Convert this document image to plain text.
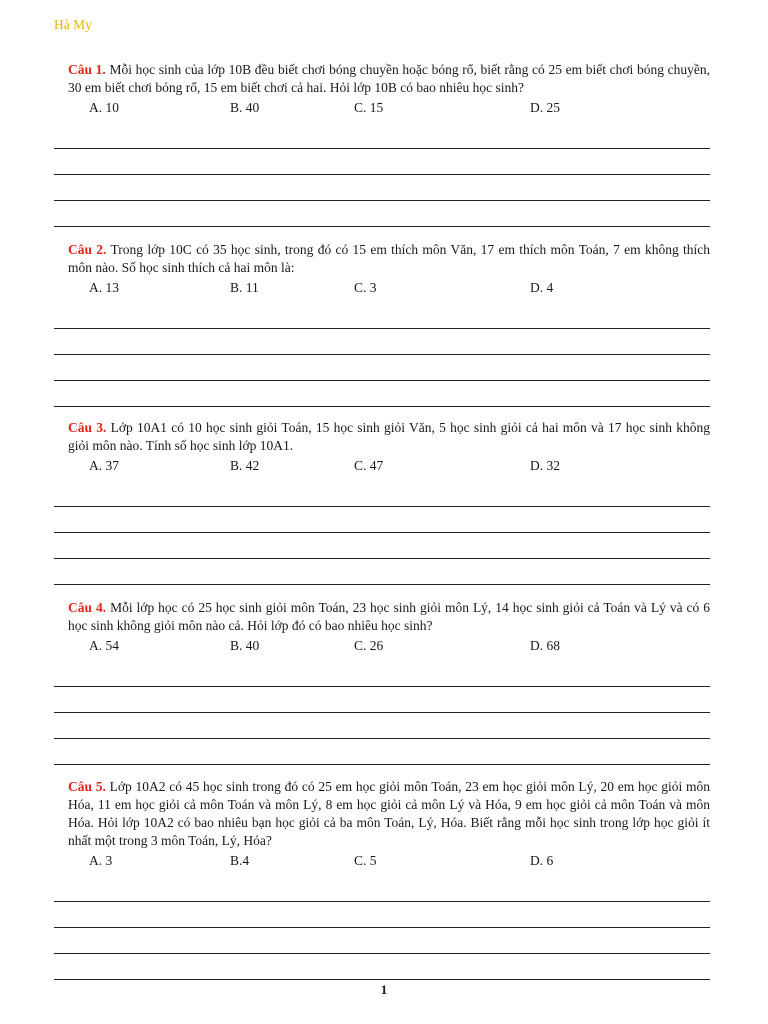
Hà My

Câu 1. Mỗi học sinh của lớp 10B đều biết chơi bóng chuyền hoặc bóng rổ, biết rằng có 25 em biết chơi bóng chuyền, 30 em biết chơi bóng rổ, 15 em biết chơi cả hai. Hỏi lớp 10B có bao nhiêu học sinh?

A. 10	B. 40	C. 15	D. 25

Câu 2. Trong lớp 10C có 35 học sinh, trong đó có 15 em thích môn Văn, 17 em thích môn Toán, 7 em không thích môn nào. Số học sinh thích cả hai môn là:

A. 13	B. 11	C. 3	D. 4

Câu 3. Lớp 10A1 có 10 học sinh giỏi Toán, 15 học sinh giỏi Văn, 5 học sinh giỏi cả hai môn và 17 học sinh không giỏi môn nào. Tính số học sinh lớp 10A1.

A. 37	B. 42	C. 47	D. 32

Câu 4. Mỗi lớp học có 25 học sinh giỏi môn Toán, 23 học sinh giỏi môn Lý, 14 học sinh giỏi cả Toán và Lý và có 6 học sinh không giỏi môn nào cả. Hỏi lớp đó có bao nhiêu học sinh?

A. 54	B. 40	C. 26	D. 68

Câu 5. Lớp 10A2 có 45 học sinh trong đó có 25 em học giỏi môn Toán, 23 em học giỏi môn Lý, 20 em học giỏi môn Hóa, 11 em học giỏi cả môn Toán và môn Lý, 8 em học giỏi cả môn Lý và Hóa, 9 em học giỏi cả môn Toán và môn Hóa. Hỏi lớp 10A2 có bao nhiêu bạn học giỏi cả ba môn Toán, Lý, Hóa. Biết rằng mỗi học sinh trong lớp học giỏi ít nhất một trong 3 môn Toán, Lý, Hóa?

A. 3	B.4	C. 5	D. 6
1
